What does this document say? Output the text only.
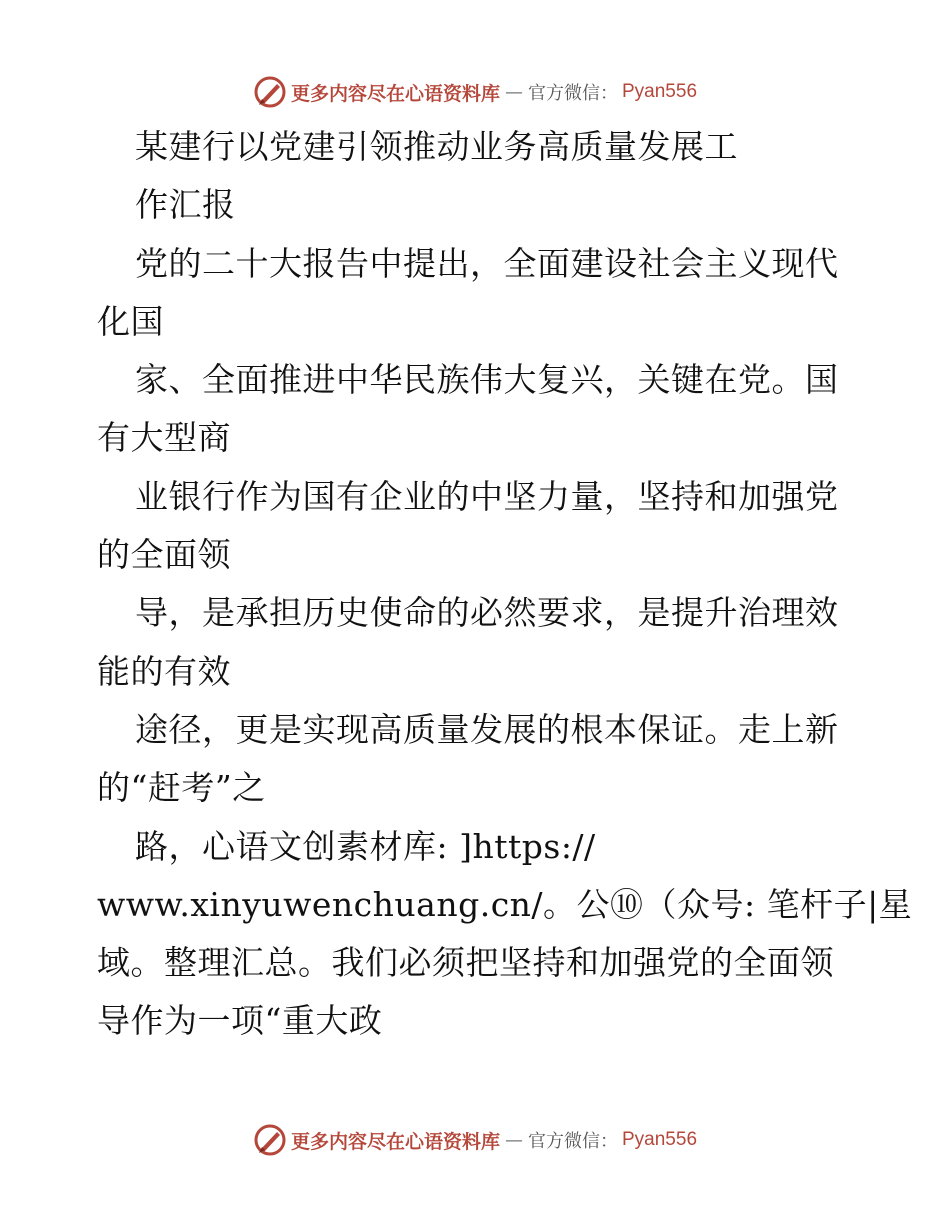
更多内容尽在心语资料库 — 官方微信： Pyan556
某建行以党建引领推动业务高质量发展工
作汇报
党的二十大报告中提出，全面建设社会主义现代
化国
家、全面推进中华民族伟大复兴，关键在党。国
有大型商
业银行作为国有企业的中坚力量，坚持和加强党
的全面领
导，是承担历史使命的必然要求，是提升治理效
能的有效
途径，更是实现高质量发展的根本保证。走上新
的“赶考”之
路，心语文创素材库: ]https://
www.xinyuwenchuang.cn/。公⑩（众号: 笔杆子|星
域。整理汇总。我们必须把坚持和加强党的全面领
导作为一项“重大政
更多内容尽在心语资料库 — 官方微信： Pyan556
